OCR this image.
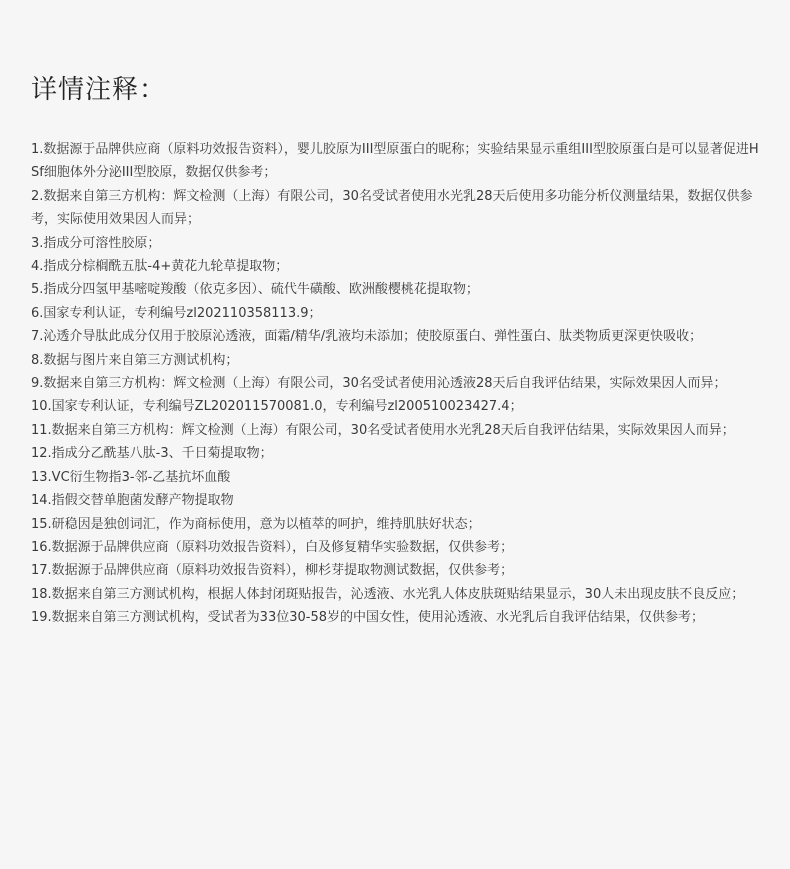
详情注释：
1.数据源于品牌供应商（原料功效报告资料），婴儿胶原为III型原蛋白的昵称；实验结果显示重组III型胶原蛋白是可以显著促进HSf细胞体外分泌III型胶原，数据仅供参考；
2.数据来自第三方机构：辉文检测（上海）有限公司，30名受试者使用水光乳28天后使用多功能分析仪测量结果，数据仅供参考，实际使用效果因人而异；
3.指成分可溶性胶原；
4.指成分棕榈酰五肽-4+黄花九轮草提取物；
5.指成分四氢甲基嘧啶羧酸（依克多因）、硫代牛磺酸、欧洲酸樱桃花提取物；
6.国家专利认证，专利编号zl202110358113.9；
7.沁透介导肽此成分仅用于胶原沁透液，面霜/精华/乳液均未添加；使胶原蛋白、弹性蛋白、肽类物质更深更快吸收；
8.数据与图片来自第三方测试机构；
9.数据来自第三方机构：辉文检测（上海）有限公司，30名受试者使用沁透液28天后自我评估结果，实际效果因人而异；
10.国家专利认证，专利编号ZL202011570081.0，专利编号zl200510023427.4；
11.数据来自第三方机构：辉文检测（上海）有限公司，30名受试者使用水光乳28天后自我评估结果，实际效果因人而异；
12.指成分乙酰基八肽-3、千日菊提取物；
13.VC衍生物指3-邻-乙基抗坏血酸
14.指假交替单胞菌发酵产物提取物
15.研稳因是独创词汇，作为商标使用，意为以植萃的呵护，维持肌肤好状态；
16.数据源于品牌供应商（原料功效报告资料），白及修复精华实验数据，仅供参考；
17.数据源于品牌供应商（原料功效报告资料），柳杉芽提取物测试数据，仅供参考；
18.数据来自第三方测试机构，根据人体封闭斑贴报告，沁透液、水光乳人体皮肤斑贴结果显示，30人未出现皮肤不良反应；
19.数据来自第三方测试机构，受试者为33位30-58岁的中国女性，使用沁透液、水光乳后自我评估结果，仅供参考；
